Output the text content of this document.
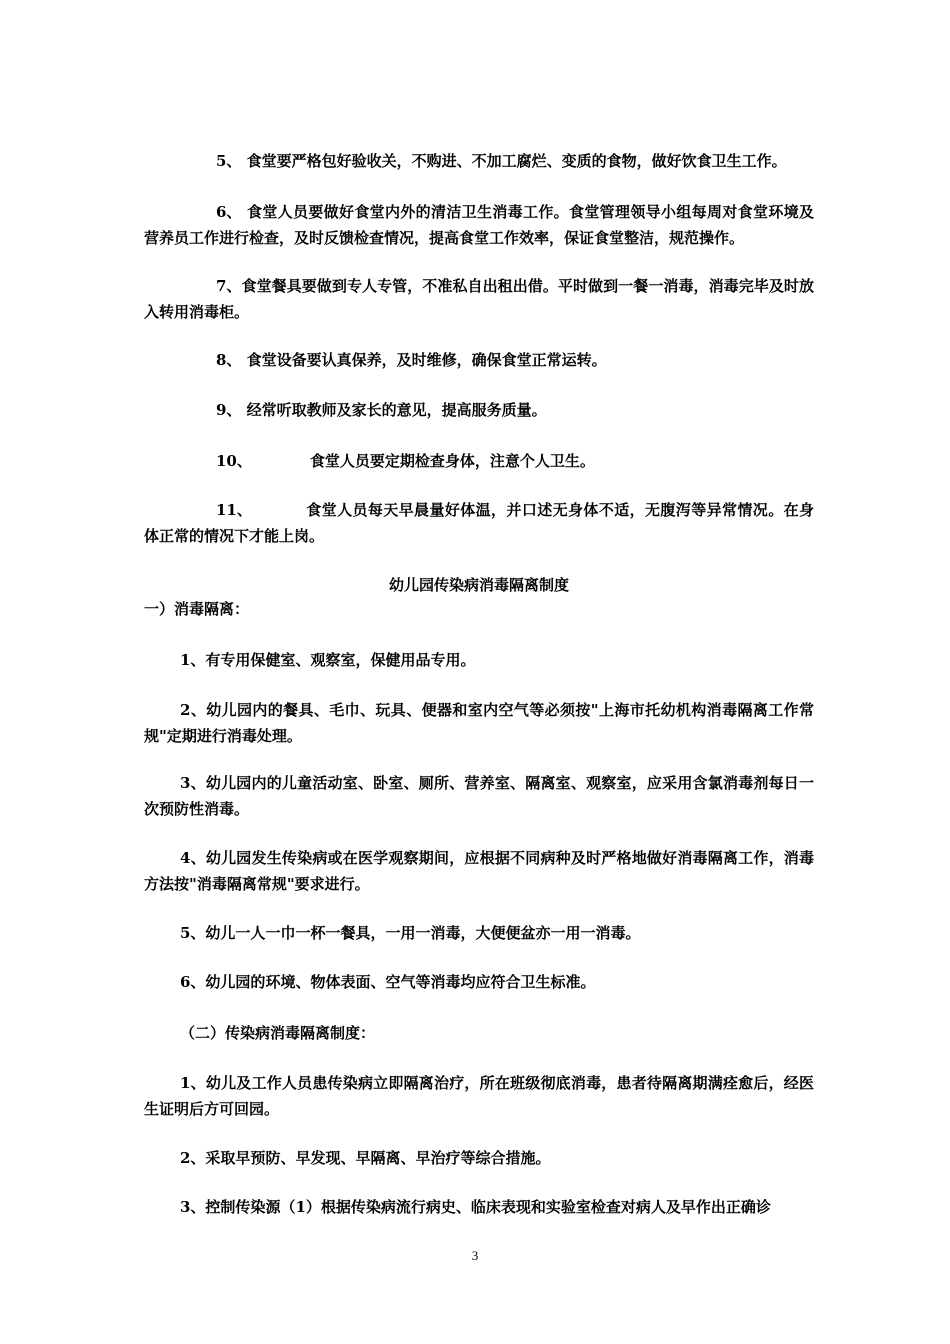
5、 食堂要严格包好验收关，不购进、不加工腐烂、变质的食物，做好饮食卫生工作。

6、 食堂人员要做好食堂内外的清洁卫生消毒工作。食堂管理领导小组每周对食堂环境及营养员工作进行检查，及时反馈检查情况，提高食堂工作效率，保证食堂整洁，规范操作。

7、食堂餐具要做到专人专管，不准私自出租出借。平时做到一餐一消毒，消毒完毕及时放入转用消毒柜。

8、 食堂设备要认真保养，及时维修，确保食堂正常运转。

9、 经常听取教师及家长的意见，提高服务质量。

10、	食堂人员要定期检查身体，注意个人卫生。

11、	食堂人员每天早晨量好体温，并口述无身体不适，无腹泻等异常情况。在身体正常的情况下才能上岗。

幼儿园传染病消毒隔离制度
一）消毒隔离：

1、有专用保健室、观察室，保健用品专用。

2、幼儿园内的餐具、毛巾、玩具、便器和室内空气等必须按"上海市托幼机构消毒隔离工作常规"定期进行消毒处理。

3、幼儿园内的儿童活动室、卧室、厕所、营养室、隔离室、观察室，应采用含氯消毒剂每日一次预防性消毒。

4、幼儿园发生传染病或在医学观察期间，应根据不同病种及时严格地做好消毒隔离工作，消毒方法按"消毒隔离常规"要求进行。

5、幼儿一人一巾一杯一餐具，一用一消毒，大便便盆亦一用一消毒。

6、幼儿园的环境、物体表面、空气等消毒均应符合卫生标准。

（二）传染病消毒隔离制度：

1、幼儿及工作人员患传染病立即隔离治疗，所在班级彻底消毒，患者待隔离期满痊愈后，经医生证明后方可回园。

2、采取早预防、早发现、早隔离、早治疗等综合措施。

3、控制传染源（1）根据传染病流行病史、临床表现和实验室检查对病人及早作出正确诊

3
